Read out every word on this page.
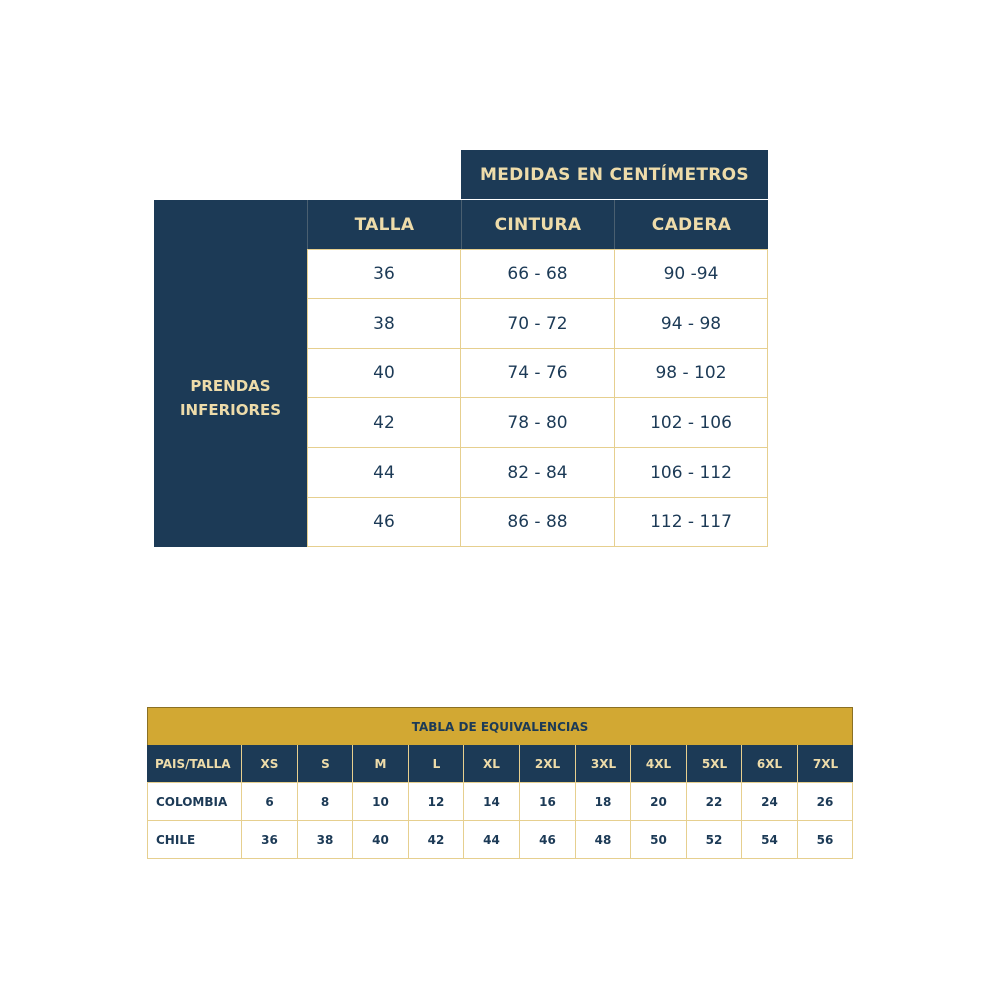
MEDIDAS EN CENTÍMETROS
PRENDAS INFERIORES
TALLA	CINTURA	CADERA
36	66 - 68	90 -94
38	70 - 72	94 - 98
40	74 - 76	98 - 102
42	78 - 80	102 - 106
44	82 - 84	106 - 112
46	86 - 88	112 - 117
TABLA DE EQUIVALENCIAS
PAIS/TALLA	XS	S	M	L	XL	2XL	3XL	4XL	5XL	6XL	7XL
COLOMBIA	6	8	10	12	14	16	18	20	22	24	26
CHILE	36	38	40	42	44	46	48	50	52	54	56
